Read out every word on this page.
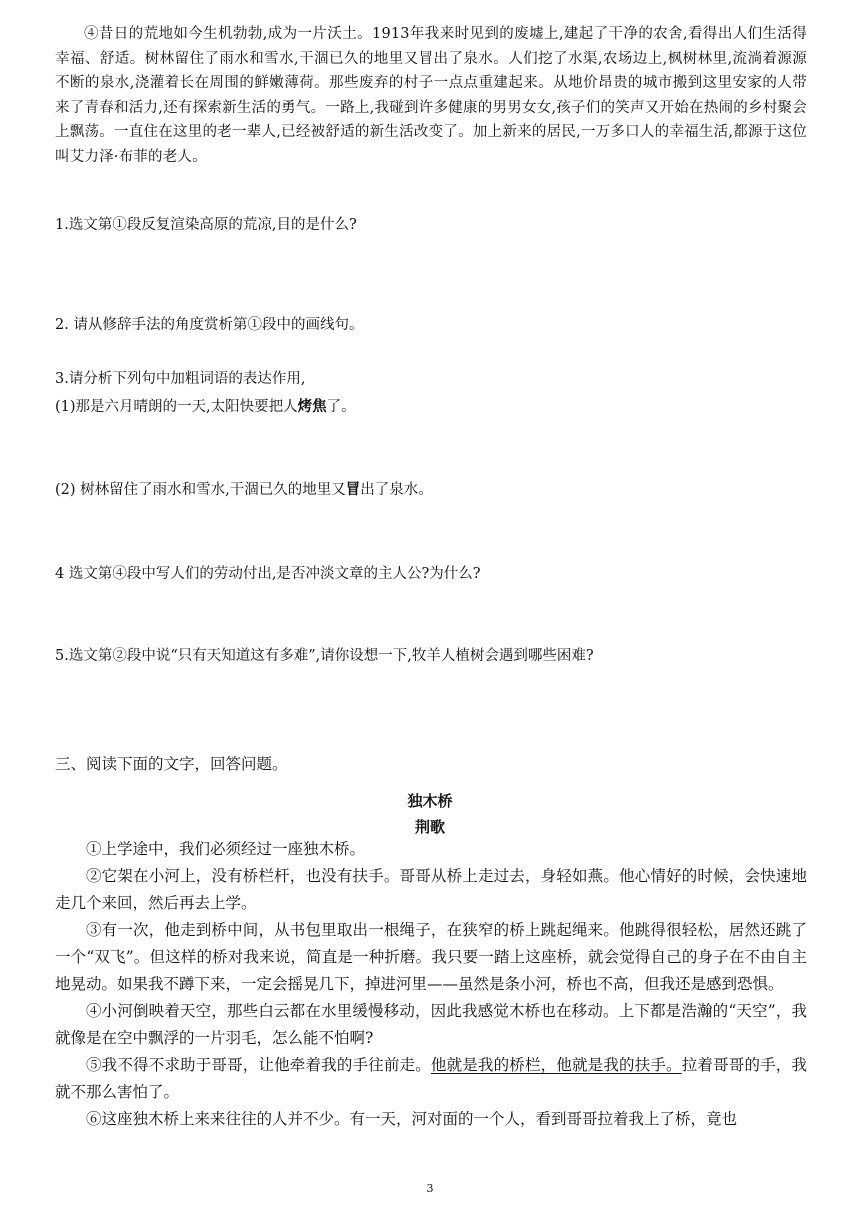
④昔日的荒地如今生机勃勃,成为一片沃土。1913年我来时见到的废墟上,建起了干净的农舍,看得出人们生活得幸福、舒适。树林留住了雨水和雪水,干涸已久的地里又冒出了泉水。人们挖了水渠,农场边上,枫树林里,流淌着源源不断的泉水,浇灌着长在周围的鲜嫩薄荷。那些废弃的村子一点点重建起来。从地价昂贵的城市搬到这里安家的人带来了青春和活力,还有探索新生活的勇气。一路上,我碰到许多健康的男男女女,孩子们的笑声又开始在热闹的乡村聚会上飘荡。一直住在这里的老一辈人,已经被舒适的新生活改变了。加上新来的居民,一万多口人的幸福生活,都源于这位叫艾力泽·布菲的老人。
1.选文第①段反复渲染高原的荒凉,目的是什么?
2. 请从修辞手法的角度赏析第①段中的画线句。
3.请分析下列句中加粗词语的表达作用,
(1)那是六月晴朗的一天,太阳快要把人烤焦了。
(2) 树林留住了雨水和雪水,干涸已久的地里又冒出了泉水。
4 选文第④段中写人们的劳动付出,是否冲淡文章的主人公?为什么?
5.选文第②段中说“只有天知道这有多难”,请你设想一下,牧羊人植树会遇到哪些困难?
三、阅读下面的文字，回答问题。
独木桥
荆歌

①上学途中，我们必须经过一座独木桥。

②它架在小河上，没有桥栏杆，也没有扶手。哥哥从桥上走过去，身轻如燕。他心情好的时候，会快速地走几个来回，然后再去上学。

③有一次，他走到桥中间，从书包里取出一根绳子，在狭窄的桥上跳起绳来。他跳得很轻松，居然还跳了一个“双飞”。但这样的桥对我来说，简直是一种折磨。我只要一踏上这座桥，就会觉得自己的身子在不由自主地晃动。如果我不蹲下来，一定会摇晃几下，掉进河里——虽然是条小河，桥也不高，但我还是感到恐惧。

④小河倒映着天空，那些白云都在水里缓慢移动，因此我感觉木桥也在移动。上下都是浩瀚的“天空”，我就像是在空中飘浮的一片羽毛，怎么能不怕啊?

⑤我不得不求助于哥哥，让他牵着我的手往前走。他就是我的桥栏，他就是我的扶手。拉着哥哥的手，我就不那么害怕了。

⑥这座独木桥上来来往往的人并不少。有一天，河对面的一个人，看到哥哥拉着我上了桥，竟也

3
